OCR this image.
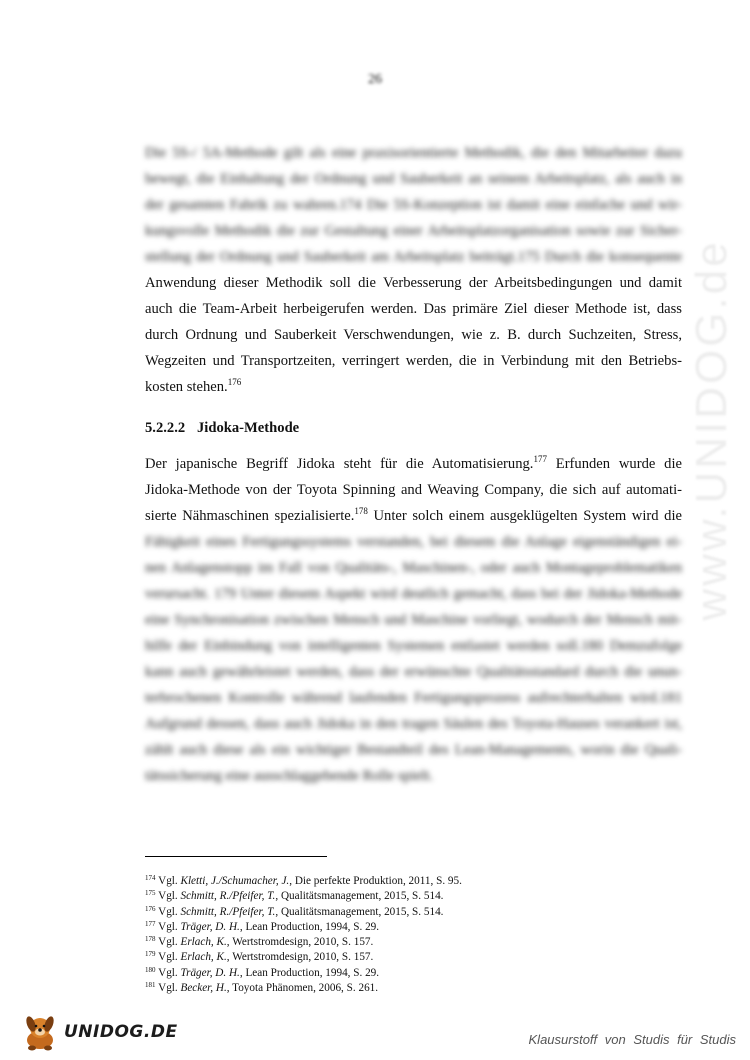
26
www.UNIDOG.de
Die 5S-/ 5A-Methode gilt als eine praxisorientierte Methodik, die den Mitarbeiter dazu
bewegt, die Einhaltung der Ordnung und Sauberkeit an seinem Arbeitsplatz, als auch in
der gesamten Fabrik zu wahren.174 Die 5S-Konzeption ist damit eine einfache und wir-
kungsvolle Methodik die zur Gestaltung einer Arbeitsplatzorganisation sowie zur Sicher-
stellung der Ordnung und Sauberkeit am Arbeitsplatz beiträgt.175 Durch die konsequente
Anwendung dieser Methodik soll die Verbesserung der Arbeitsbedingungen und damit
auch die Team-Arbeit herbeigerufen werden. Das primäre Ziel dieser Methode ist, dass
durch Ordnung und Sauberkeit Verschwendungen, wie z. B. durch Suchzeiten, Stress,
Wegzeiten und Transportzeiten, verringert werden, die in Verbindung mit den Betriebs-
kosten stehen.$^{176}$
5.2.2.2 Jidoka-Methode
Der japanische Begriff Jidoka steht für die Automatisierung.$^{177}$ Erfunden wurde die
Jidoka-Methode von der Toyota Spinning and Weaving Company, die sich auf automati-
sierte Nähmaschinen spezialisierte.$^{178}$ Unter solch einem ausgeklügelten System wird die
Fähigkeit eines Fertigungssystems verstanden, bei diesem die Anlage eigenständigen ei-
nen Anlagenstopp im Fall von Qualitäts-, Maschinen-, oder auch Montageproblematiken
verursacht. 179 Unter diesem Aspekt wird deutlich gemacht, dass bei der Jidoka-Methode
eine Synchronisation zwischen Mensch und Maschine vorliegt, wodurch der Mensch mit-
hilfe der Einbindung von intelligenten Systemen entlastet werden soll.180 Demzufolge
kann auch gewährleistet werden, dass der erwünschte Qualitätsstandard durch die unun-
terbrochenen Kontrolle während laufenden Fertigungsprozess aufrechterhalten wird.181
Aufgrund dessen, dass auch Jidoka in den tragen Säulen des Toyota-Hauses verankert ist,
zählt auch diese als ein wichtiger Bestandteil des Lean-Managements, worin die Quali-
tätssicherung eine ausschlaggebende Rolle spielt.
$^{174}$ Vgl. Kletti, J./Schumacher, J., Die perfekte Produktion, 2011, S. 95.
$^{175}$ Vgl. Schmitt, R./Pfeifer, T., Qualitätsmanagement, 2015, S. 514.
$^{176}$ Vgl. Schmitt, R./Pfeifer, T., Qualitätsmanagement, 2015, S. 514.
$^{177}$ Vgl. Träger, D. H., Lean Production, 1994, S. 29.
$^{178}$ Vgl. Erlach, K., Wertstromdesign, 2010, S. 157.
$^{179}$ Vgl. Erlach, K., Wertstromdesign, 2010, S. 157.
$^{180}$ Vgl. Träger, D. H., Lean Production, 1994, S. 29.
$^{181}$ Vgl. Becker, H., Toyota Phänomen, 2006, S. 261.
UNIDOG.DE	Klausurstoff von Studis für Studis
